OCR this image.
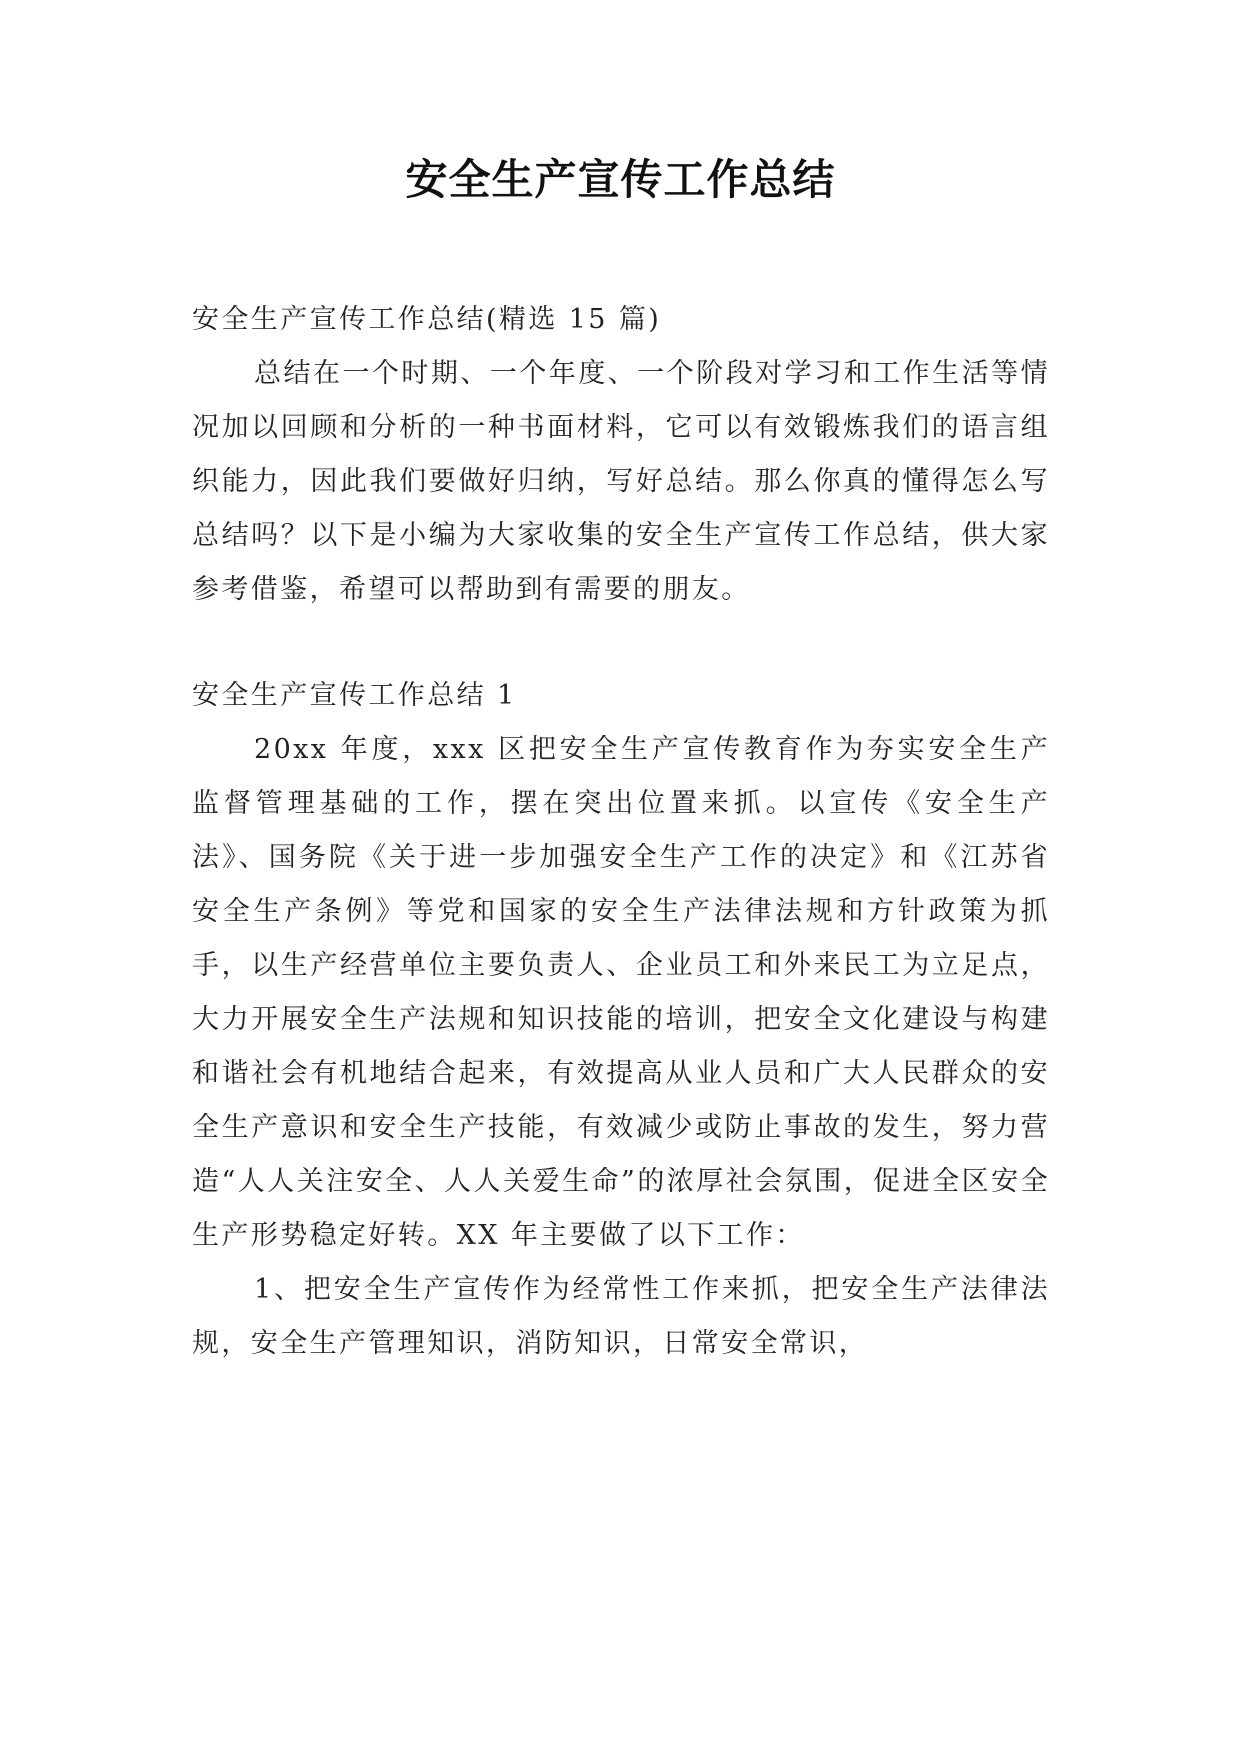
安全生产宣传工作总结

安全生产宣传工作总结(精选 15 篇)

总结在一个时期、一个年度、一个阶段对学习和工作生活等情况加以回顾和分析的一种书面材料，它可以有效锻炼我们的语言组织能力，因此我们要做好归纳，写好总结。那么你真的懂得怎么写总结吗？以下是小编为大家收集的安全生产宣传工作总结，供大家参考借鉴，希望可以帮助到有需要的朋友。

安全生产宣传工作总结 1

20xx 年度，xxx 区把安全生产宣传教育作为夯实安全生产监督管理基础的工作，摆在突出位置来抓。以宣传《安全生产法》、国务院《关于进一步加强安全生产工作的决定》和《江苏省安全生产条例》等党和国家的安全生产法律法规和方针政策为抓手，以生产经营单位主要负责人、企业员工和外来民工为立足点，大力开展安全生产法规和知识技能的培训，把安全文化建设与构建和谐社会有机地结合起来，有效提高从业人员和广大人民群众的安全生产意识和安全生产技能，有效减少或防止事故的发生，努力营造“人人关注安全、人人关爱生命”的浓厚社会氛围，促进全区安全生产形势稳定好转。XX 年主要做了以下工作：

1、把安全生产宣传作为经常性工作来抓，把安全生产法律法规，安全生产管理知识，消防知识，日常安全常识，
